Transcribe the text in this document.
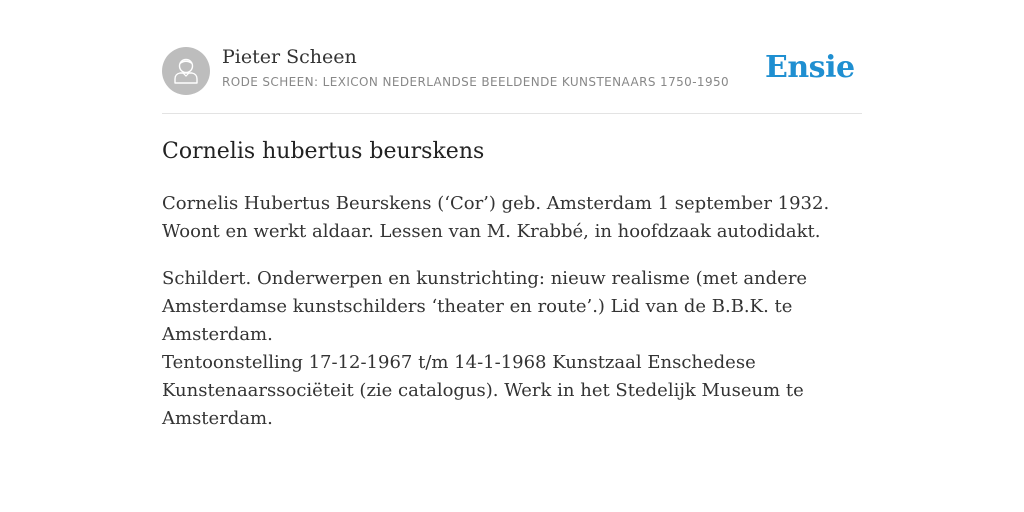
Pieter Scheen
RODE SCHEEN: LEXICON NEDERLANDSE BEELDENDE KUNSTENAARS 1750-1950 Ensie
Cornelis hubertus beurskens

Cornelis Hubertus Beurskens (‘Cor’) geb. Amsterdam 1 september 1932. Woont en werkt aldaar. Lessen van M. Krabbé, in hoofdzaak autodidakt.

Schildert. Onderwerpen en kunstrichting: nieuw realisme (met andere Amsterdamse kunstschilders ‘theater en route’.) Lid van de B.B.K. te Amsterdam.

Tentoonstelling 17-12-1967 t/m 14-1-1968 Kunstzaal Enschedese Kunstenaarssociëteit (zie catalogus). Werk in het Stedelijk Museum te Amsterdam.
